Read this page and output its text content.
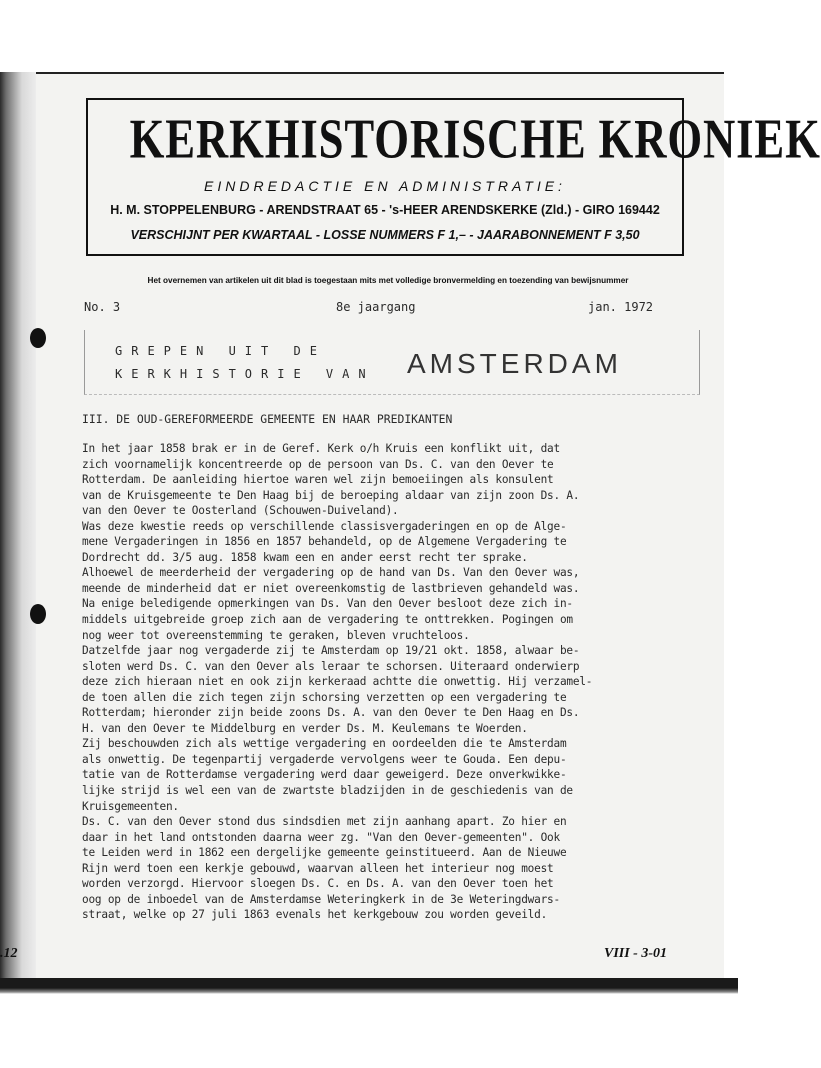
KERKHISTORISCHE KRONIEK
EINDREDACTIE EN ADMINISTRATIE:
H. M. STOPPELENBURG - ARENDSTRAAT 65 - 's-HEER ARENDSKERKE (Zld.) - GIRO 169442
VERSCHIJNT PER KWARTAAL - LOSSE NUMMERS F 1,– - JAARABONNEMENT F 3,50
Het overnemen van artikelen uit dit blad is toegestaan mits met volledige bronvermelding en toezending van bewijsnummer
No. 3	8e jaargang	jan. 1972
GREPEN UIT DE
KERKHISTORIE VAN AMSTERDAM
III. DE OUD-GEREFORMEERDE GEMEENTE EN HAAR PREDIKANTEN
In het jaar 1858 brak er in de Geref. Kerk o/h Kruis een konflikt uit, dat
zich voornamelijk koncentreerde op de persoon van Ds. C. van den Oever te
Rotterdam. De aanleiding hiertoe waren wel zijn bemoeiingen als konsulent
van de Kruisgemeente te Den Haag bij de beroeping aldaar van zijn zoon Ds. A.
van den Oever te Oosterland (Schouwen-Duiveland).
Was deze kwestie reeds op verschillende classisvergaderingen en op de Alge-
mene Vergaderingen in 1856 en 1857 behandeld, op de Algemene Vergadering te
Dordrecht dd. 3/5 aug. 1858 kwam een en ander eerst recht ter sprake.
Alhoewel de meerderheid der vergadering op de hand van Ds. Van den Oever was,
meende de minderheid dat er niet overeenkomstig de lastbrieven gehandeld was.
Na enige beledigende opmerkingen van Ds. Van den Oever besloot deze zich in-
middels uitgebreide groep zich aan de vergadering te onttrekken. Pogingen om
nog weer tot overeenstemming te geraken, bleven vruchteloos.
Datzelfde jaar nog vergaderde zij te Amsterdam op 19/21 okt. 1858, alwaar be-
sloten werd Ds. C. van den Oever als leraar te schorsen. Uiteraard onderwierp
deze zich hieraan niet en ook zijn kerkeraad achtte die onwettig. Hij verzamel-
de toen allen die zich tegen zijn schorsing verzetten op een vergadering te
Rotterdam; hieronder zijn beide zoons Ds. A. van den Oever te Den Haag en Ds.
H. van den Oever te Middelburg en verder Ds. M. Keulemans te Woerden.
Zij beschouwden zich als wettige vergadering en oordeelden die te Amsterdam
als onwettig. De tegenpartij vergaderde vervolgens weer te Gouda. Een depu-
tatie van de Rotterdamse vergadering werd daar geweigerd. Deze onverkwikke-
lijke strijd is wel een van de zwartste bladzijden in de geschiedenis van de
Kruisgemeenten.
Ds. C. van den Oever stond dus sindsdien met zijn aanhang apart. Zo hier en
daar in het land ontstonden daarna weer zg. "Van den Oever-gemeenten". Ook
te Leiden werd in 1862 een dergelijke gemeente geinstitueerd. Aan de Nieuwe
Rijn werd toen een kerkje gebouwd, waarvan alleen het interieur nog moest
worden verzorgd. Hiervoor sloegen Ds. C. en Ds. A. van den Oever toen het
oog op de inboedel van de Amsterdamse Weteringkerk in de 3e Weteringdwars-
straat, welke op 27 juli 1863 evenals het kerkgebouw zou worden geveild.
.12	VIII - 3-01
